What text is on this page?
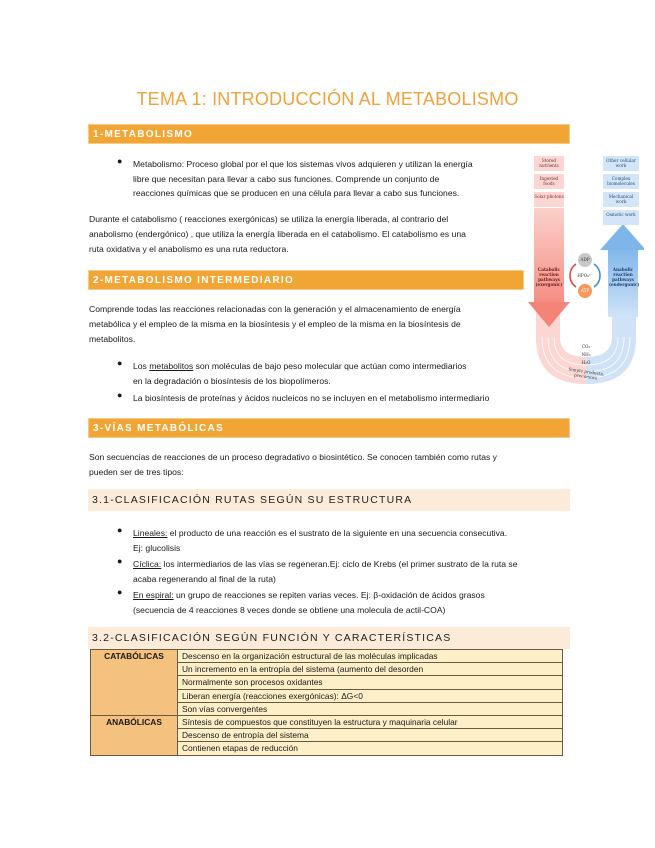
TEMA 1: INTRODUCCIÓN AL METABOLISMO
1-METABOLISMO
● Metabolismo: Proceso global por el que los sistemas vivos adquieren y utilizan la energía
libre que necesitan para llevar a cabo sus funciones. Comprende un conjunto de
reacciones químicas que se producen en una célula para llevar a cabo sus funciones.
Durante el catabolismo ( reacciones exergónicas) se utiliza la energía liberada, al contrario del
anabolismo (endergónico) , que utiliza la energía liberada en el catabolismo. El catabolismo es una
ruta oxidativa y el anabolismo es una ruta reductora.
2-METABOLISMO INTERMEDIARIO
Comprende todas las reacciones relacionadas con la generación y el almacenamiento de energía
metabólica y el empleo de la misma en la biosíntesis y el empleo de la misma en la biosíntesis de
metabolitos.
● Los metabolitos son moléculas de bajo peso molecular que actúan como intermediarios
en la degradación o biosíntesis de los biopolímeros.
● La biosíntesis de proteínas y ácidos nucleicos no se incluyen en el metabolismo intermediario
3-VÍAS METABÓLICAS
Son secuencias de reacciones de un proceso degradativo o biosintético. Se conocen también como rutas y
pueden ser de tres tipos:
3.1-CLASIFICACIÓN RUTAS SEGÚN SU ESTRUCTURA
● Lineales: el producto de una reacción es el sustrato de la siguiente en una secuencia consecutiva.
Ej: glucolisis
● Cíclica: los intermediarios de las vías se regeneran.Ej: ciclo de Krebs (el primer sustrato de la ruta se
acaba regenerando al final de la ruta)
● En espiral: un grupo de reacciones se repiten varias veces. Ej: β-oxidación de ácidos grasos
(secuencia de 4 reacciones 8 veces donde se obtiene una molecula de actil-COA)
3.2-CLASIFICACIÓN SEGÚN FUNCIÓN Y CARACTERÍSTICAS
CATABÓLICAS	Descenso en la organización estructural de las moléculas implicadas
	Un incremento en la entropía del sistema (aumento del desorden
	Normalmente son procesos oxidantes
	Liberan energía (reacciones exergónicas): ΔG<0
	Son vías convergentes
ANABÓLICAS	Síntesis de compuestos que constituyen la estructura y maquinaria celular
	Descenso de entropía del sistema
	Contienen etapas de reducción
Stored nutrients
Ingested foods
Solar photons
Other cellular work
Complex biomolecules
Mechanical work
Osmotic work
Catabolic reaction pathways (exergonic)
Anabolic reaction pathways (endergonic)
ADP
HPO₄²⁻
ATP
CO₂
NH₃
H₂O
Simple products, precursors
